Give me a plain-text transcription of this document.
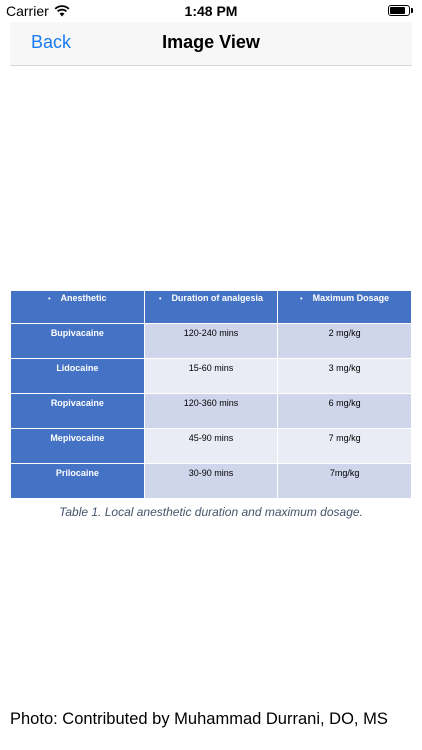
Carrier	1:48 PM
Back	Image View
• Anesthetic	• Duration of analgesia	• Maximum Dosage
Bupivacaine	120-240 mins	2 mg/kg
Lidocaine	15-60 mins	3 mg/kg
Ropivacaine	120-360 mins	6 mg/kg
Mepivocaine	45-90 mins	7 mg/kg
Prilocaine	30-90 mins	7mg/kg
Table 1. Local anesthetic duration and maximum dosage.
Photo: Contributed by Muhammad Durrani, DO, MS
